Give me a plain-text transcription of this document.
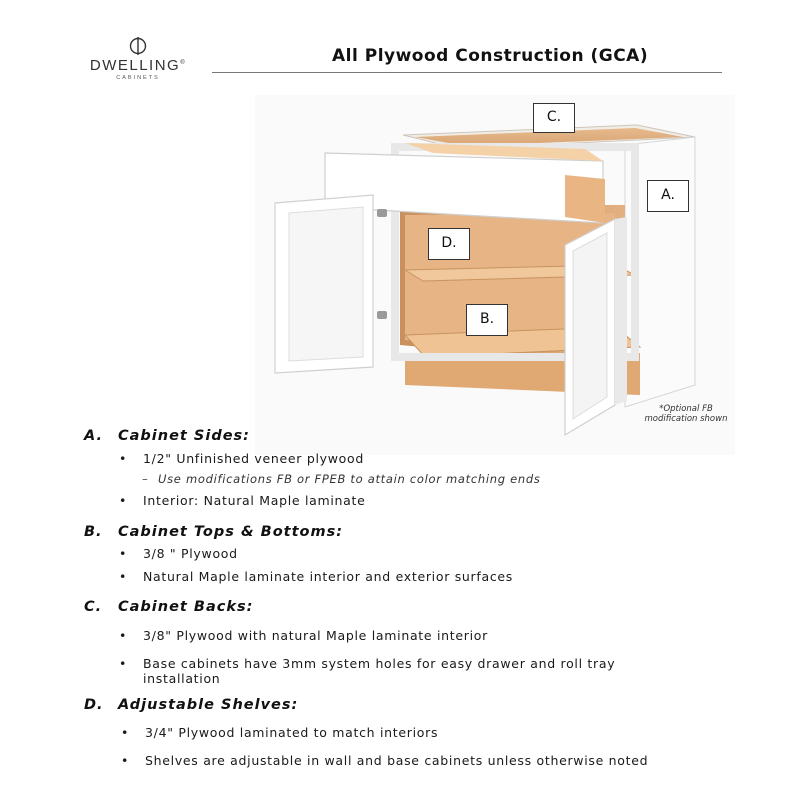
DWELLING®
CABINETS
All Plywood Construction (GCA)
C.
A.
D.
B.
*Optional FB modification shown
A. Cabinet Sides:
• 1/2" Unfinished veneer plywood
– Use modifications FB or FPEB to attain color matching ends
• Interior: Natural Maple laminate
B. Cabinet Tops & Bottoms:
• 3/8 " Plywood
• Natural Maple laminate interior and exterior surfaces
C. Cabinet Backs:
• 3/8" Plywood with natural Maple laminate interior
• Base cabinets have 3mm system holes for easy drawer and roll tray installation
D. Adjustable Shelves:
• 3/4" Plywood laminated to match interiors
• Shelves are adjustable in wall and base cabinets unless otherwise noted
